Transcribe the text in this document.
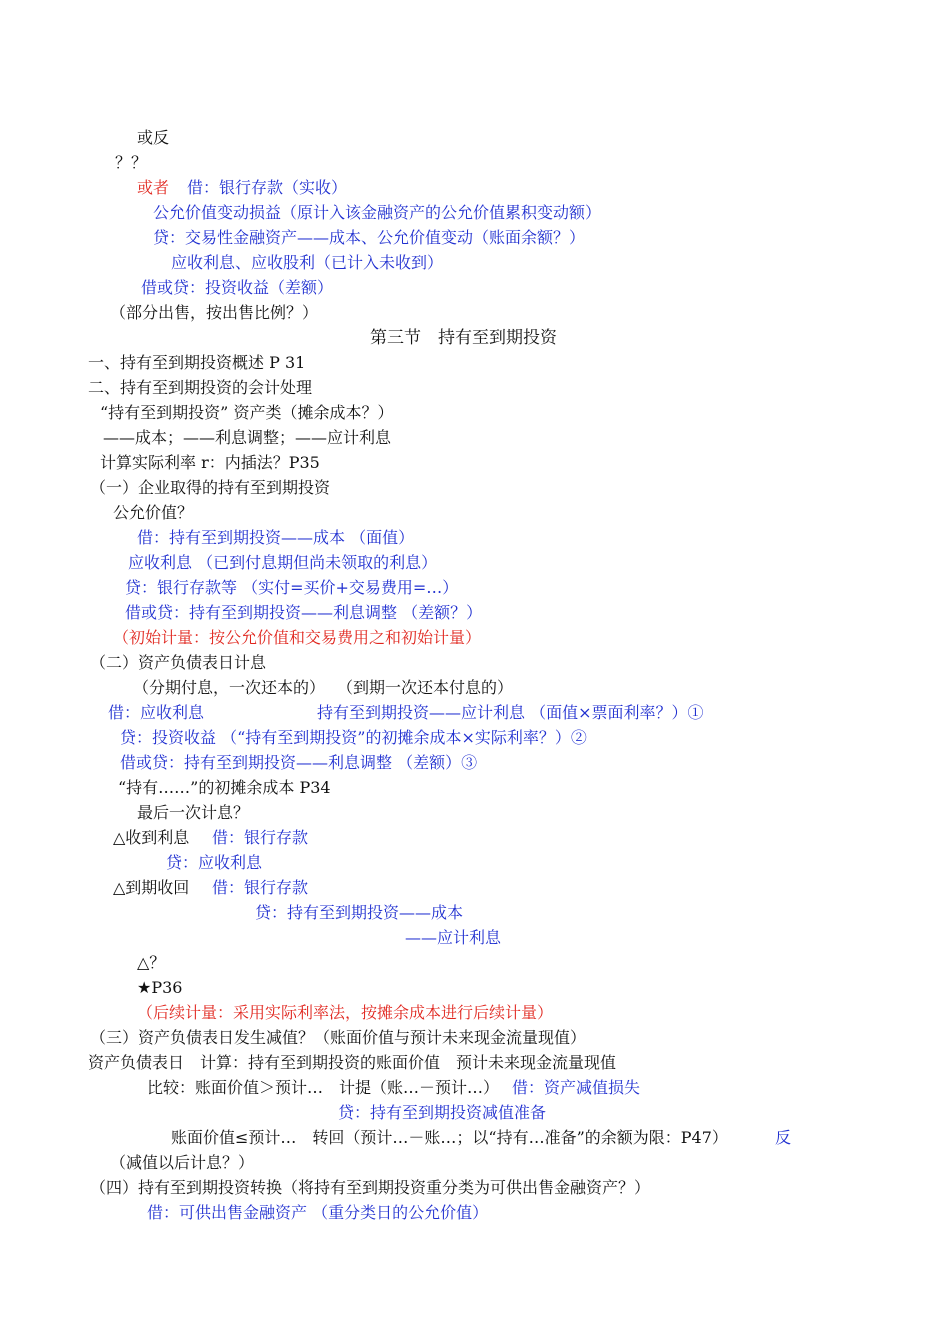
或反
？？
或者 借：银行存款（实收）
公允价值变动损益（原计入该金融资产的公允价值累积变动额）
贷：交易性金融资产——成本、公允价值变动（账面余额？）
应收利息、应收股利（已计入未收到）
借或贷：投资收益（差额）
（部分出售，按出售比例？）
第三节　持有至到期投资
一、持有至到期投资概述 P 31
二、持有至到期投资的会计处理
“持有至到期投资” 资产类（摊余成本？）
——成本；——利息调整；——应计利息
计算实际利率 r：内插法？P35
（一）企业取得的持有至到期投资
公允价值？
借：持有至到期投资——成本 （面值）
应收利息 （已到付息期但尚未领取的利息）
贷：银行存款等 （实付=买价+交易费用=…）
借或贷：持有至到期投资——利息调整 （差额？）
（初始计量：按公允价值和交易费用之和初始计量）
（二）资产负债表日计息
（分期付息，一次还本的） （到期一次还本付息的）
借：应收利息	持有至到期投资——应计利息 （面值×票面利率？）①
贷：投资收益 （“持有至到期投资”的初摊余成本×实际利率？）②
借或贷：持有至到期投资——利息调整 （差额）③
“持有……”的初摊余成本 P34
最后一次计息？
△收到利息 借：银行存款
贷：应收利息
△到期收回 借：银行存款
贷：持有至到期投资——成本
——应计利息
△？
★P36
（后续计量：采用实际利率法，按摊余成本进行后续计量）
（三）资产负债表日发生减值？（账面价值与预计未来现金流量现值）
资产负债表日　计算：持有至到期投资的账面价值　预计未来现金流量现值
比较：账面价值＞预计…　计提（账…－预计…） 借：资产减值损失
贷：持有至到期投资减值准备
账面价值≤预计…　转回（预计…－账…；以“持有…准备”的余额为限：P47）	反
（减值以后计息？）
（四）持有至到期投资转换（将持有至到期投资重分类为可供出售金融资产？）
借：可供出售金融资产 （重分类日的公允价值）
